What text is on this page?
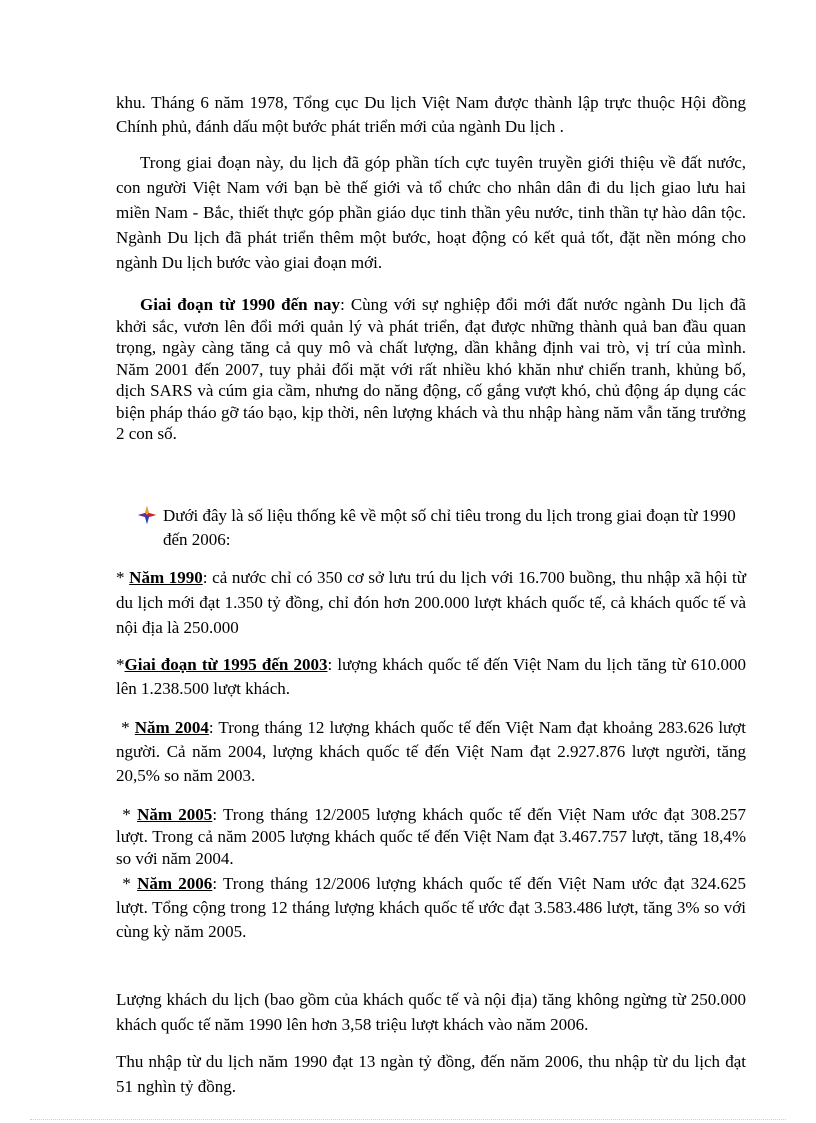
khu. Tháng 6 năm 1978, Tổng cục Du lịch Việt Nam được thành lập trực thuộc Hội đồng Chính phủ, đánh dấu một bước phát triển mới của ngành Du lịch .

Trong giai đoạn này, du lịch đã góp phần tích cực tuyên truyền giới thiệu về đất nước, con người Việt Nam với bạn bè thế giới và tổ chức cho nhân dân đi du lịch giao lưu hai miền Nam - Bắc, thiết thực góp phần giáo dục tinh thần yêu nước, tinh thần tự hào dân tộc. Ngành Du lịch đã phát triển thêm một bước, hoạt động có kết quả tốt, đặt nền móng cho ngành Du lịch bước vào giai đoạn mới.

Giai đoạn từ 1990 đến nay: Cùng với sự nghiệp đổi mới đất nước ngành Du lịch đã khởi sắc, vươn lên đổi mới quản lý và phát triển, đạt được những thành quả ban đầu quan trọng, ngày càng tăng cả quy mô và chất lượng, dần khẳng định vai trò, vị trí của mình. Năm 2001 đến 2007, tuy phải đối mặt với rất nhiều khó khăn như chiến tranh, khủng bố, dịch SARS và cúm gia cầm, nhưng do năng động, cố gắng vượt khó, chủ động áp dụng các biện pháp tháo gỡ táo bạo, kịp thời, nên lượng khách và thu nhập hàng năm vẫn tăng trưởng 2 con số.

Dưới đây là số liệu thống kê về một số chỉ tiêu trong du lịch trong giai đoạn từ 1990 đến 2006:

* Năm 1990: cả nước chỉ có 350 cơ sở lưu trú du lịch với 16.700 buồng, thu nhập xã hội từ du lịch mới đạt 1.350 tỷ đồng, chỉ đón hơn 200.000 lượt khách quốc tế, cả khách quốc tế và nội địa là 250.000

*Giai đoạn từ 1995 đến 2003: lượng khách quốc tế đến Việt Nam du lịch tăng từ 610.000 lên 1.238.500 lượt khách.

* Năm 2004: Trong tháng 12 lượng khách quốc tế đến Việt Nam đạt khoảng 283.626 lượt người. Cả năm 2004, lượng khách quốc tế đến Việt Nam đạt 2.927.876 lượt người, tăng 20,5% so năm 2003.

* Năm 2005: Trong tháng 12/2005 lượng khách quốc tế đến Việt Nam ước đạt 308.257 lượt. Trong cả năm 2005 lượng khách quốc tế đến Việt Nam đạt 3.467.757 lượt, tăng 18,4% so với năm 2004.

* Năm 2006: Trong tháng 12/2006 lượng khách quốc tế đến Việt Nam ước đạt 324.625 lượt. Tổng cộng trong 12 tháng lượng khách quốc tế ước đạt 3.583.486 lượt, tăng 3% so với cùng kỳ năm 2005.

Lượng khách du lịch (bao gồm của khách quốc tế và nội địa) tăng không ngừng từ 250.000 khách quốc tế năm 1990 lên hơn 3,58 triệu lượt khách vào năm 2006.

Thu nhập từ du lịch năm 1990 đạt 13 ngàn tỷ đồng, đến năm 2006, thu nhập từ du lịch đạt 51 nghìn tỷ đồng.
